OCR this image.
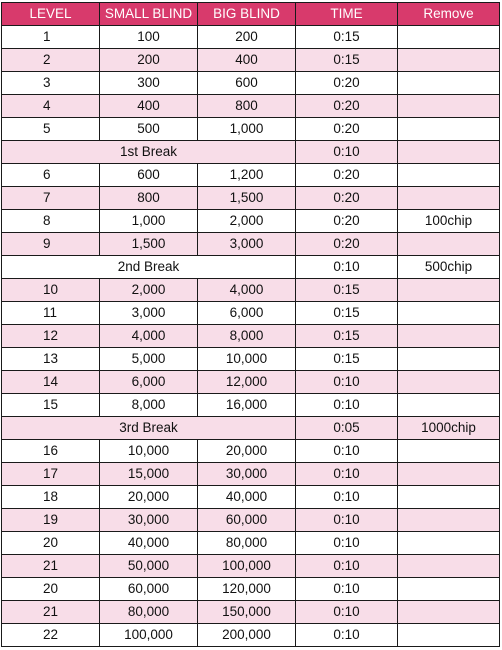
LEVEL	SMALL BLIND	BIG BLIND	TIME	Remove
1	100	200	0:15	
2	200	400	0:15	
3	300	600	0:20	
4	400	800	0:20	
5	500	1,000	0:20	
1st Break			0:10	
6	600	1,200	0:20	
7	800	1,500	0:20	
8	1,000	2,000	0:20	100chip
9	1,500	3,000	0:20	
2nd Break			0:10	500chip
10	2,000	4,000	0:15	
11	3,000	6,000	0:15	
12	4,000	8,000	0:15	
13	5,000	10,000	0:15	
14	6,000	12,000	0:10	
15	8,000	16,000	0:10	
3rd Break			0:05	1000chip
16	10,000	20,000	0:10	
17	15,000	30,000	0:10	
18	20,000	40,000	0:10	
19	30,000	60,000	0:10	
20	40,000	80,000	0:10	
21	50,000	100,000	0:10	
20	60,000	120,000	0:10	
21	80,000	150,000	0:10	
22	100,000	200,000	0:10	
